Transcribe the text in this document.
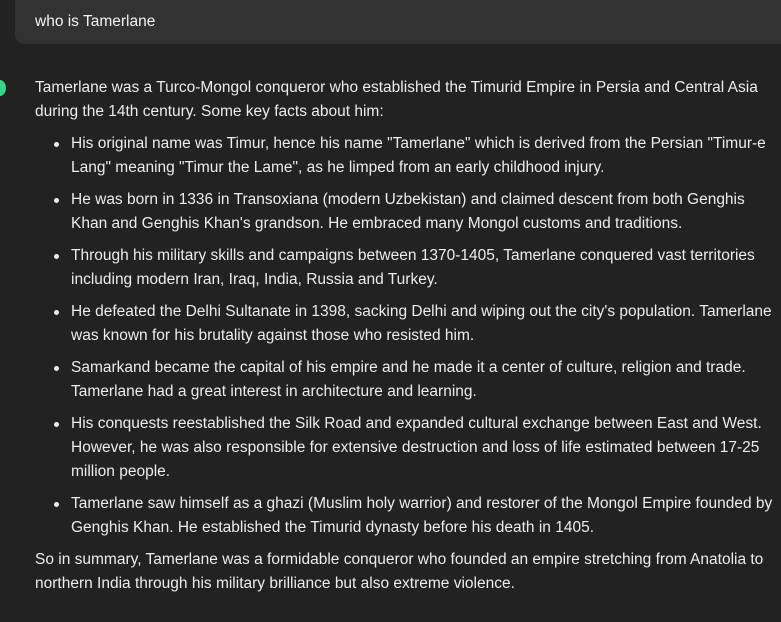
who is Tamerlane

Tamerlane was a Turco-Mongol conqueror who established the Timurid Empire in Persia and Central Asia during the 14th century. Some key facts about him:

His original name was Timur, hence his name "Tamerlane" which is derived from the Persian "Timur-e Lang" meaning "Timur the Lame", as he limped from an early childhood injury.
He was born in 1336 in Transoxiana (modern Uzbekistan) and claimed descent from both Genghis Khan and Genghis Khan's grandson. He embraced many Mongol customs and traditions.
Through his military skills and campaigns between 1370-1405, Tamerlane conquered vast territories including modern Iran, Iraq, India, Russia and Turkey.
He defeated the Delhi Sultanate in 1398, sacking Delhi and wiping out the city's population. Tamerlane was known for his brutality against those who resisted him.
Samarkand became the capital of his empire and he made it a center of culture, religion and trade. Tamerlane had a great interest in architecture and learning.
His conquests reestablished the Silk Road and expanded cultural exchange between East and West. However, he was also responsible for extensive destruction and loss of life estimated between 17-25 million people.
Tamerlane saw himself as a ghazi (Muslim holy warrior) and restorer of the Mongol Empire founded by Genghis Khan. He established the Timurid dynasty before his death in 1405.

So in summary, Tamerlane was a formidable conqueror who founded an empire stretching from Anatolia to northern India through his military brilliance but also extreme violence.
